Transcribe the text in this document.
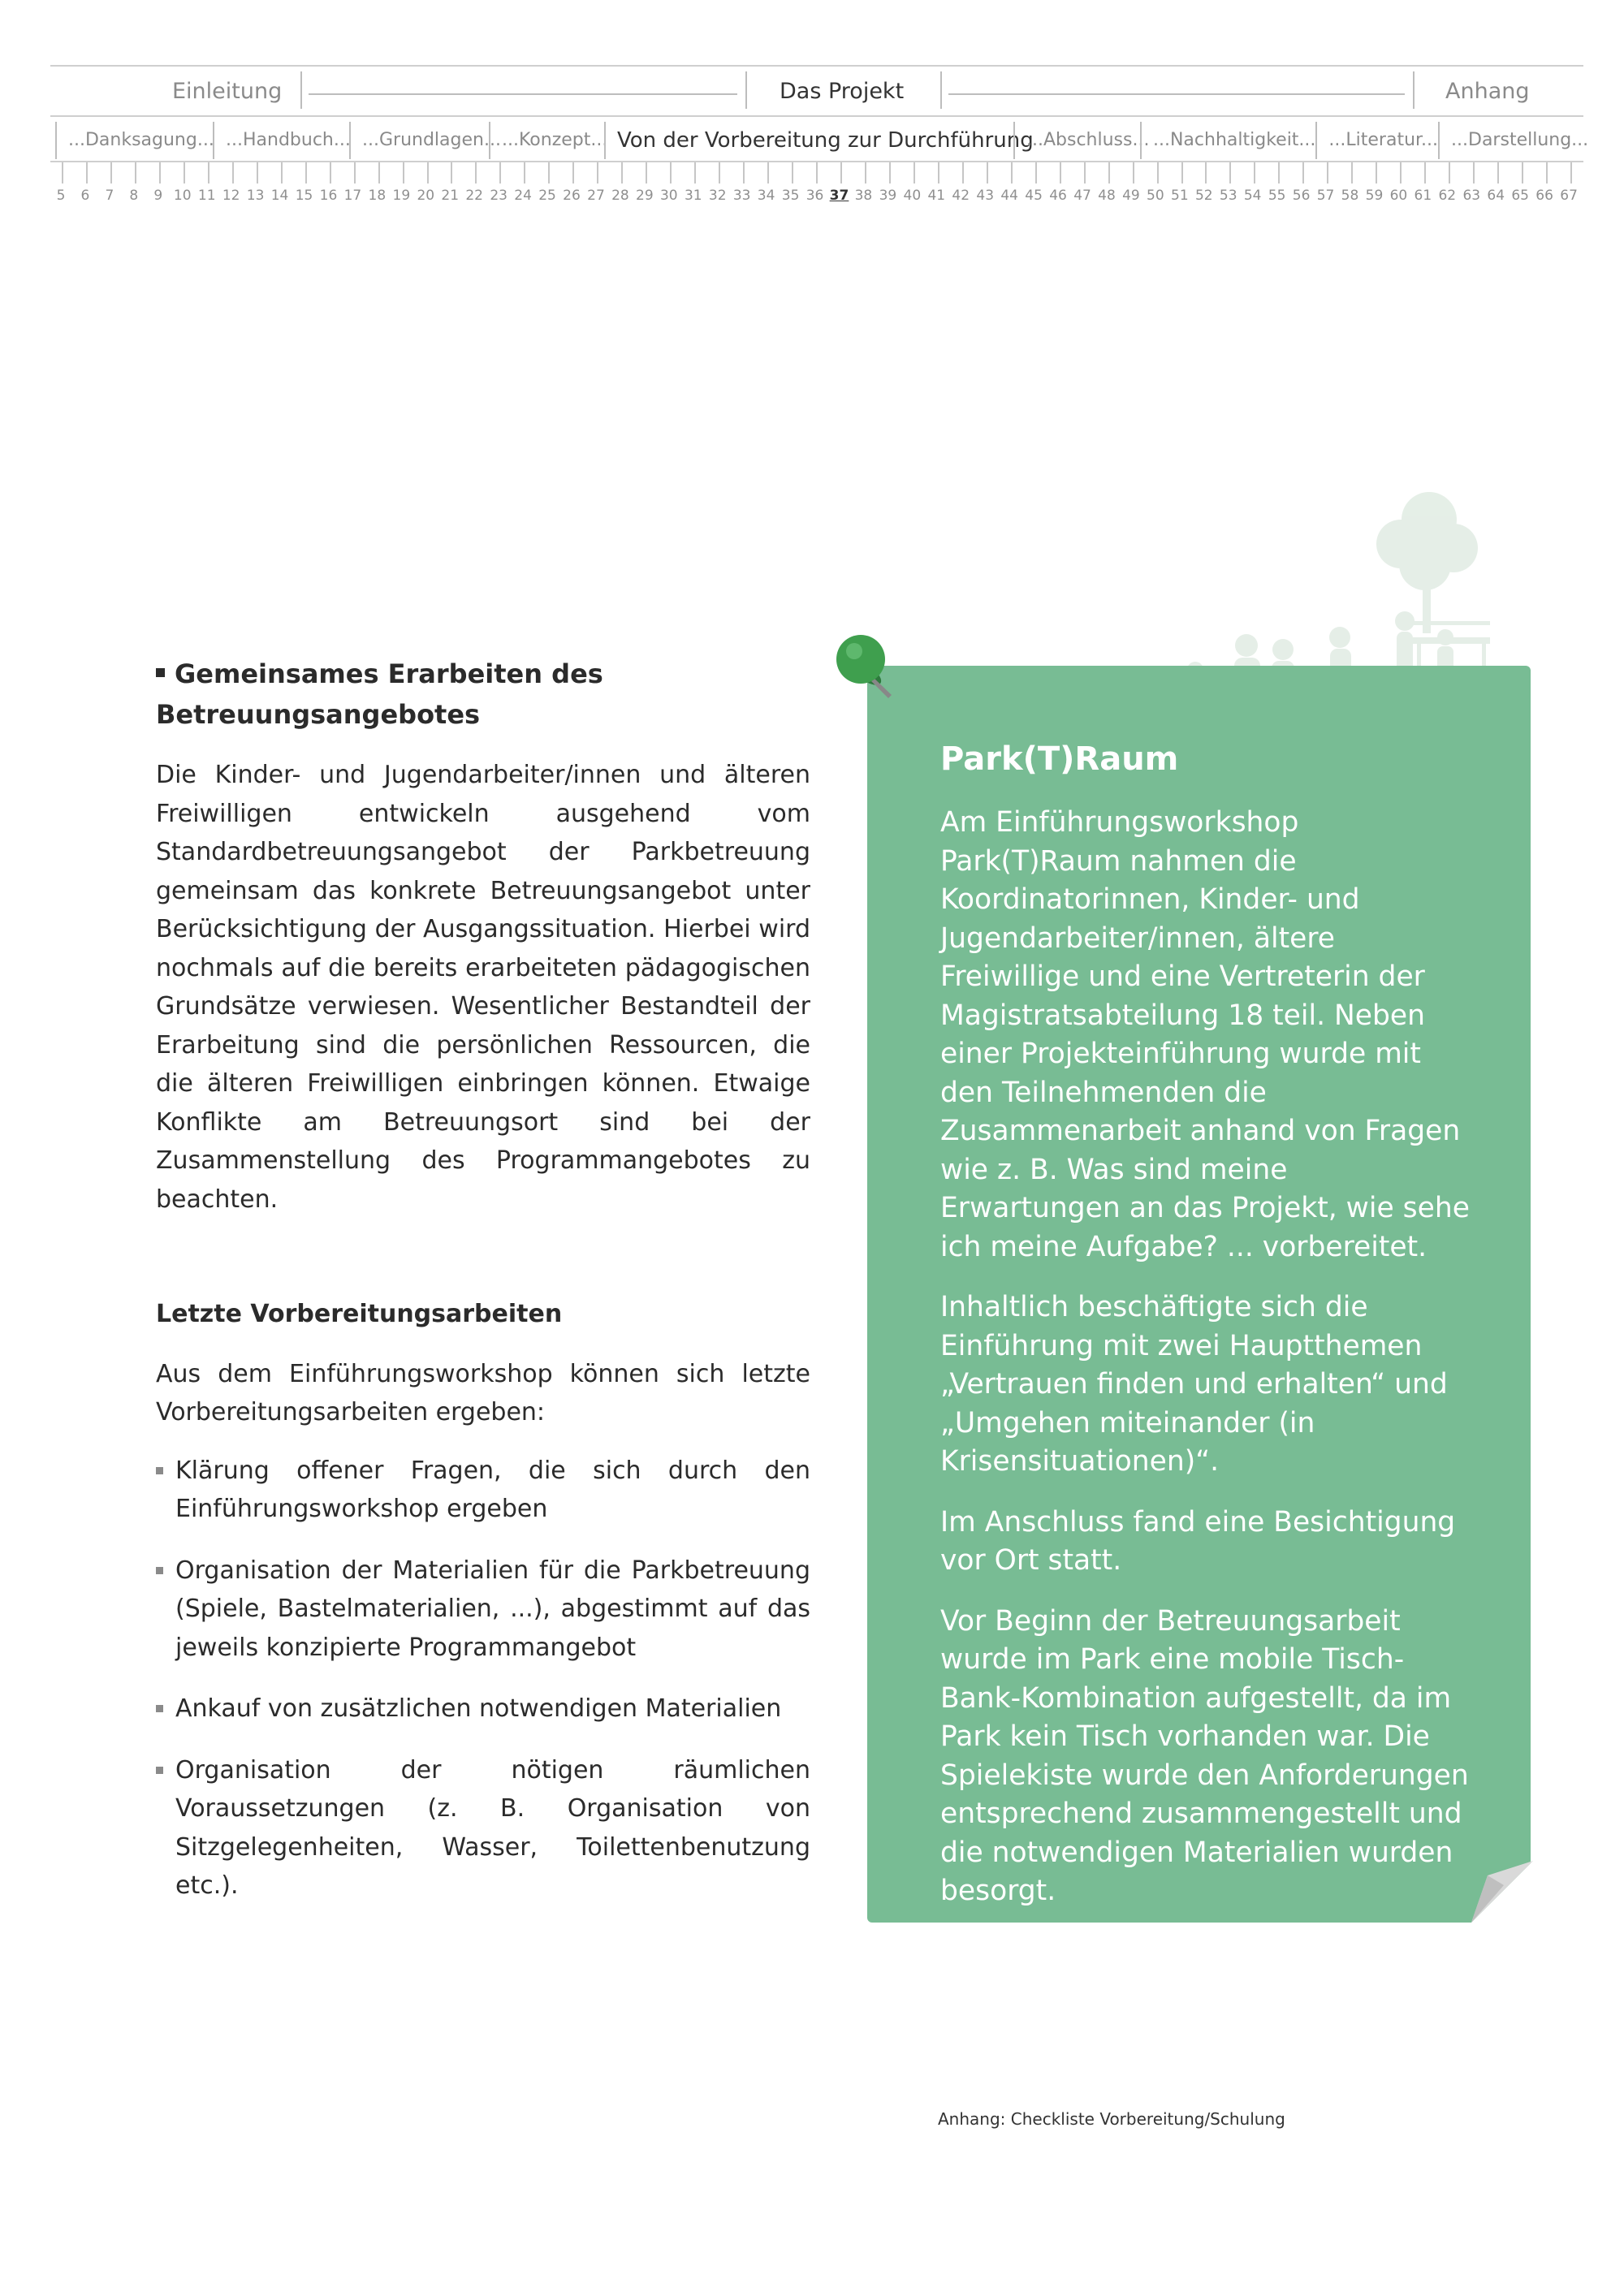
Einleitung	Das Projekt	Anhang
...Danksagung... ...Handbuch... ...Grundlagen... ...Konzept... Von der Vorbereitung zur Durchführung
...Abschluss... ...Nachhaltigkeit... ...Literatur... ...Darstellung...
5	6	7	8	9 10 11 12 13 14 15 16 17 18 19 20 21 22 23 24 25 26 27 28 29 30 31 32 33 34 35 36 37 38 39 40 41 42 43 44 45 46 47 48 49 50 51 52 53 54 55 56 57 58 59 60 61 62 63 64 65 66 67
Gemeinsames Erarbeiten des Betreuungsangebotes

Die Kinder- und Jugendarbeiter/innen und älteren Freiwilligen entwickeln ausgehend vom Standardbetreuungsangebot der Parkbetreuung gemeinsam das konkrete Betreuungsangebot unter Berücksichtigung der Ausgangssituation. Hierbei wird nochmals auf die bereits erarbeiteten pädagogischen Grundsätze verwiesen. Wesentlicher Bestandteil der Erarbeitung sind die persönlichen Ressourcen, die die älteren Freiwilligen einbringen können. Etwaige Konflikte am Betreuungsort sind bei der Zusammenstellung des Programmangebotes zu beachten.

Letzte Vorbereitungsarbeiten

Aus dem Einführungsworkshop können sich letzte Vorbereitungsarbeiten ergeben:

Klärung offener Fragen, die sich durch den Einführungsworkshop ergeben
Organisation der Materialien für die Parkbetreuung (Spiele, Bastelmaterialien, ...), abgestimmt auf das jeweils konzipierte Programmangebot
Ankauf von zusätzlichen notwendigen Materialien
Organisation der nötigen räumlichen Voraussetzungen (z. B. Organisation von Sitzgelegenheiten, Wasser, Toilettenbenutzung etc.).
Park(T)Raum

Am Einführungsworkshop Park(T)Raum nahmen die Koordinatorinnen, Kinder- und Jugendarbeiter/innen, ältere Freiwillige und eine Vertreterin der Magistratsabteilung 18 teil. Neben einer Projekteinführung wurde mit den Teilnehmenden die Zusammenarbeit anhand von Fragen wie z. B. Was sind meine Erwartungen an das Projekt, wie sehe ich meine Aufgabe? ... vorbereitet.

Inhaltlich beschäftigte sich die Einführung mit zwei Hauptthemen „Vertrauen finden und erhalten“ und „Umgehen miteinander (in Krisensituationen)“.

Im Anschluss fand eine Besichtigung vor Ort statt.

Vor Beginn der Betreuungsarbeit wurde im Park eine mobile Tisch-Bank-Kombination aufgestellt, da im Park kein Tisch vorhanden war. Die Spielekiste wurde den Anforderungen entsprechend zusammengestellt und die notwendigen Materialien wurden besorgt.

Anhang: Checkliste Vorbereitung/Schulung
